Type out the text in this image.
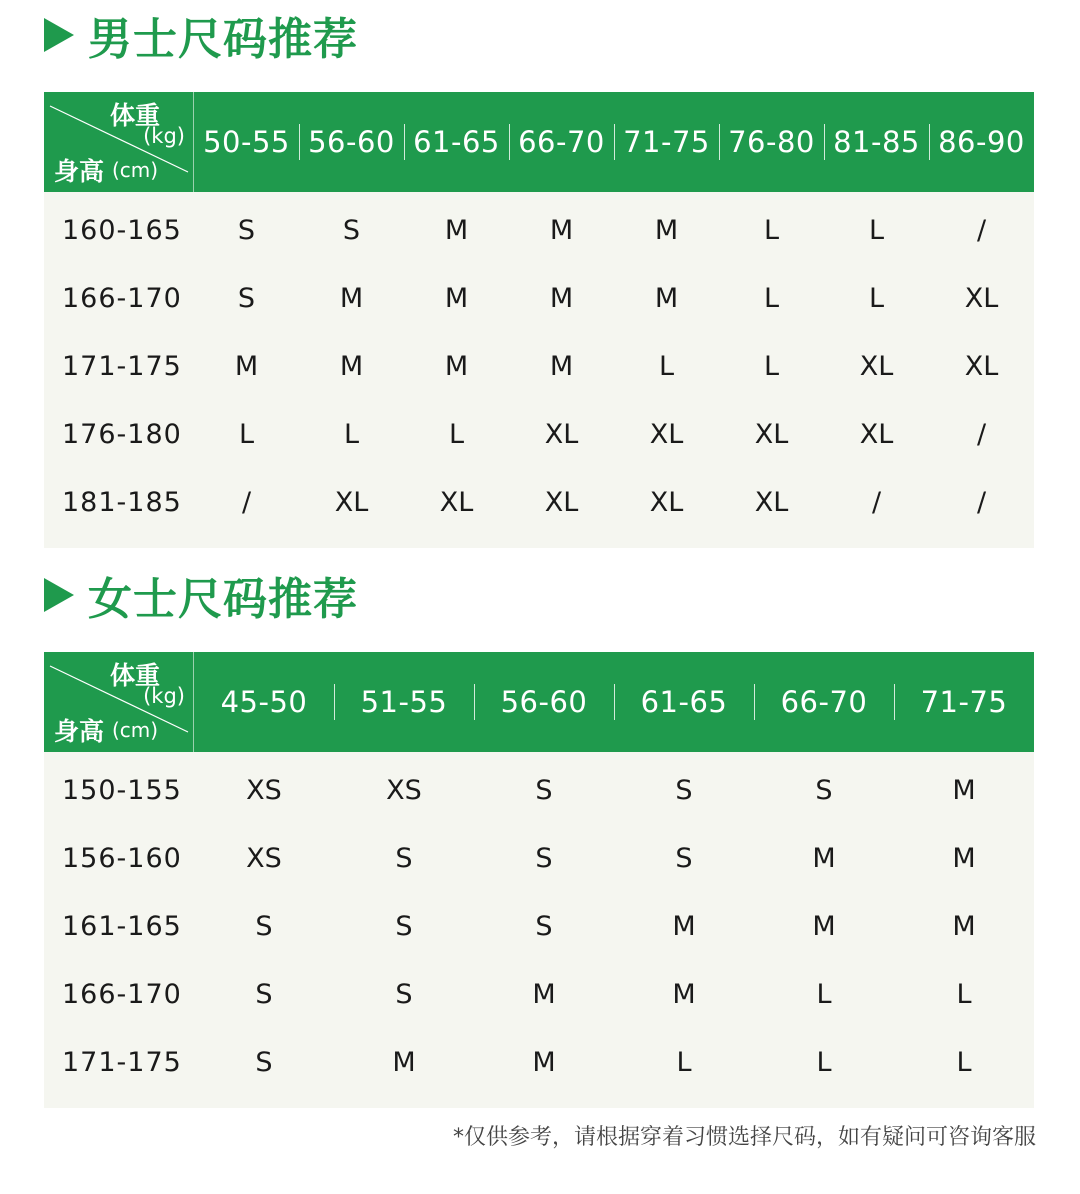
男士尺码推荐
体重
(kg)
身高 (cm)
50-55 56-60 61-65 66-70 71-75 76-80 81-85 86-90
160-165	S	S	M	M	M	L	L	/
166-170	S	M	M	M	M	L	L	XL
171-175	M	M	M	M	L	L	XL	XL
176-180	L	L	L	XL	XL	XL	XL	/
181-185	/	XL	XL	XL	XL	XL	/	/
女士尺码推荐
体重
(kg)
身高 (cm)
45-50	51-55	56-60	61-65	66-70	71-75
150-155	XS	XS	S	S	S	M
156-160	XS	S	S	S	M	M
161-165	S	S	S	M	M	M
166-170	S	S	M	M	L	L
171-175	S	M	M	L	L	L
*仅供参考，请根据穿着习惯选择尺码，如有疑问可咨询客服
